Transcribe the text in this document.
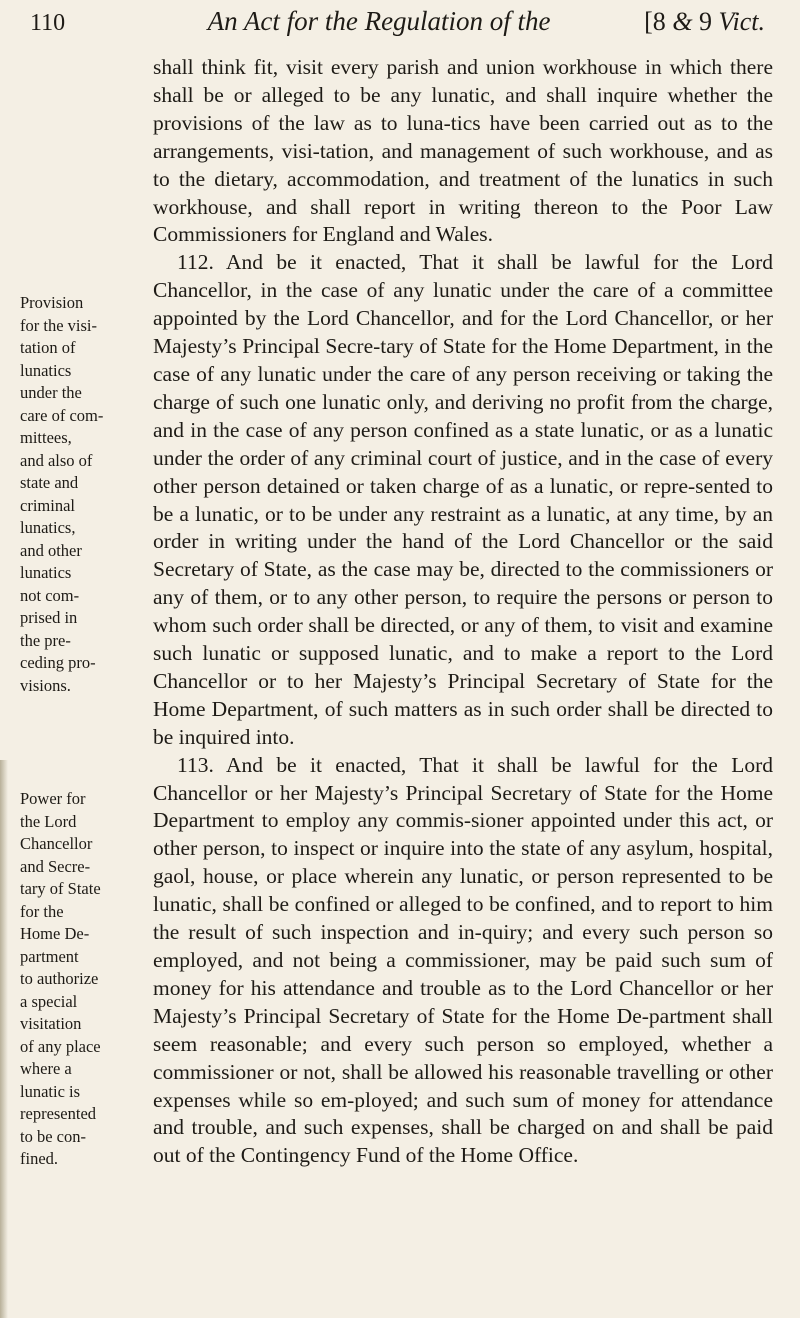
110	An Act for the Regulation of the	[8 & 9 Vict.
Provision
for the visi-
tation of
lunatics
under the
care of com-
mittees,
and also of
state and
criminal
lunatics,
and other
lunatics
not com-
prised in
the pre-
ceding pro-
visions.
Power for
the Lord
Chancellor
and Secre-
tary of State
for the
Home De-
partment
to authorize
a special
visitation
of any place
where a
lunatic is
represented
to be con-
fined.

shall think fit, visit every parish and union workhouse in which there shall be or alleged to be any lunatic, and shall inquire whether the provisions of the law as to luna-tics have been carried out as to the arrangements, visi-tation, and management of such workhouse, and as to the dietary, accommodation, and treatment of the lunatics in such workhouse, and shall report in writing thereon to the Poor Law Commissioners for England and Wales.

112. And be it enacted, That it shall be lawful for the Lord Chancellor, in the case of any lunatic under the care of a committee appointed by the Lord Chancellor, and for the Lord Chancellor, or her Majesty’s Principal Secre-tary of State for the Home Department, in the case of any lunatic under the care of any person receiving or taking the charge of such one lunatic only, and deriving no profit from the charge, and in the case of any person confined as a state lunatic, or as a lunatic under the order of any criminal court of justice, and in the case of every other person detained or taken charge of as a lunatic, or repre-sented to be a lunatic, or to be under any restraint as a lunatic, at any time, by an order in writing under the hand of the Lord Chancellor or the said Secretary of State, as the case may be, directed to the commissioners or any of them, or to any other person, to require the persons or person to whom such order shall be directed, or any of them, to visit and examine such lunatic or supposed lunatic, and to make a report to the Lord Chancellor or to her Majesty’s Principal Secretary of State for the Home Department, of such matters as in such order shall be directed to be inquired into.

113. And be it enacted, That it shall be lawful for the Lord Chancellor or her Majesty’s Principal Secretary of State for the Home Department to employ any commis-sioner appointed under this act, or other person, to inspect or inquire into the state of any asylum, hospital, gaol, house, or place wherein any lunatic, or person represented to be lunatic, shall be confined or alleged to be confined, and to report to him the result of such inspection and in-quiry; and every such person so employed, and not being a commissioner, may be paid such sum of money for his attendance and trouble as to the Lord Chancellor or her Majesty’s Principal Secretary of State for the Home De-partment shall seem reasonable; and every such person so employed, whether a commissioner or not, shall be allowed his reasonable travelling or other expenses while so em-ployed; and such sum of money for attendance and trouble, and such expenses, shall be charged on and shall be paid out of the Contingency Fund of the Home Office.
